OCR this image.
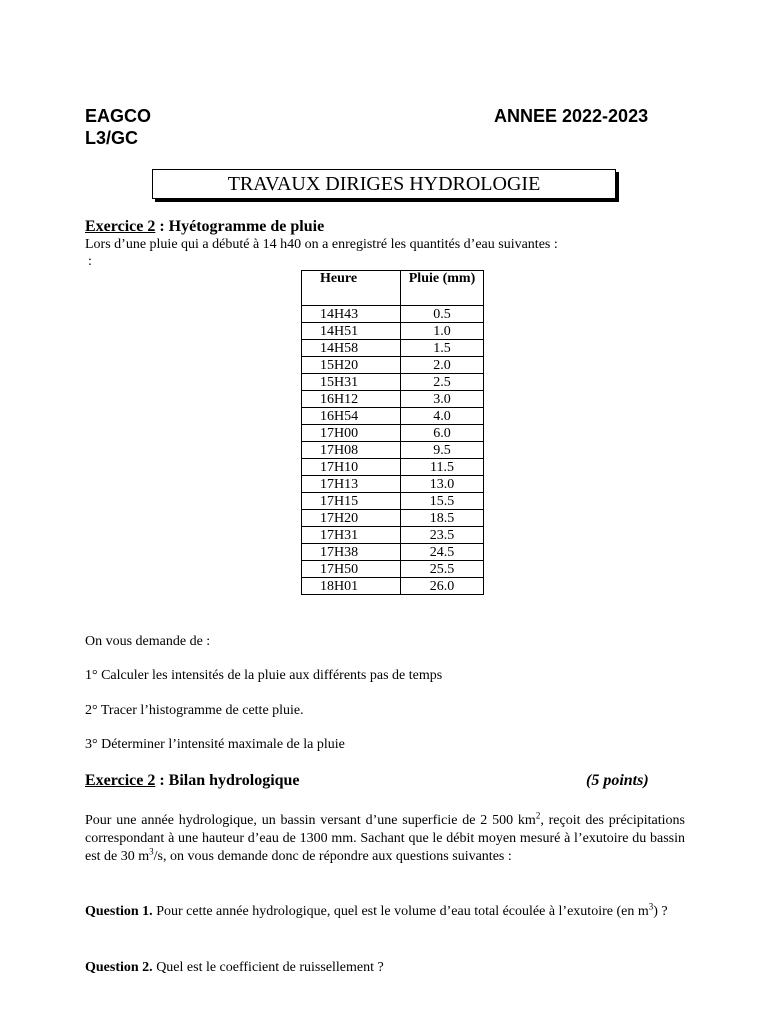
EAGCO
L3/GC
ANNEE 2022-2023
TRAVAUX DIRIGES HYDROLOGIE
Exercice 2 : Hyétogramme de pluie
Lors d’une pluie qui a débuté à 14 h40 on a enregistré les quantités d’eau suivantes :
:
Heure	Pluie (mm)
14H43	0.5
14H51	1.0
14H58	1.5
15H20	2.0
15H31	2.5
16H12	3.0
16H54	4.0
17H00	6.0
17H08	9.5
17H10	11.5
17H13	13.0
17H15	15.5
17H20	18.5
17H31	23.5
17H38	24.5
17H50	25.5
18H01	26.0
On vous demande de :
1° Calculer les intensités de la pluie aux différents pas de temps
2° Tracer l’histogramme de cette pluie.
3° Déterminer l’intensité maximale de la pluie
Exercice 2 : Bilan hydrologique	(5 points)
Pour une année hydrologique, un bassin versant d’une superficie de 2 500 $km^2$, reçoit des précipitations correspondant à une hauteur d’eau de 1300 mm. Sachant que le débit moyen mesuré à l’exutoire du bassin est de 30 $m^3/s$, on vous demande donc de répondre aux questions suivantes :
Question 1. Pour cette année hydrologique, quel est le volume d’eau total écoulée à l’exutoire (en $m^3$) ?
Question 2. Quel est le coefficient de ruissellement ?
